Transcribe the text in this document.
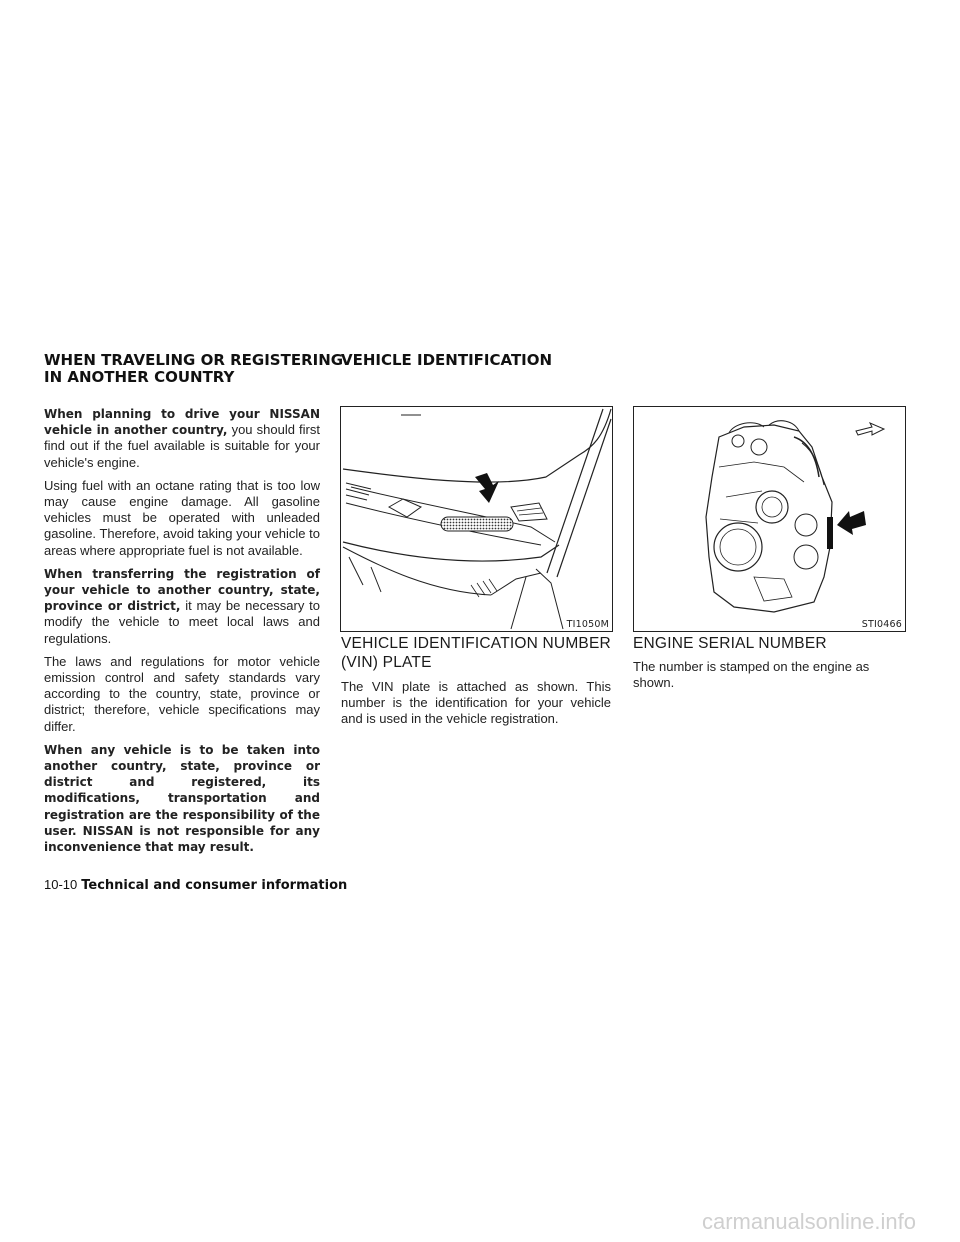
WHEN TRAVELING OR REGISTERING
IN ANOTHER COUNTRY

When planning to drive your NISSAN vehicle in another country, you should first find out if the fuel available is suitable for your vehicle's engine.

Using fuel with an octane rating that is too low may cause engine damage. All gasoline vehicles must be operated with unleaded gasoline. Therefore, avoid taking your vehicle to areas where appropriate fuel is not available.

When transferring the registration of your vehicle to another country, state, province or district, it may be necessary to modify the vehicle to meet local laws and regulations.

The laws and regulations for motor vehicle emission control and safety standards vary according to the country, state, province or district; therefore, vehicle specifications may differ.

When any vehicle is to be taken into another country, state, province or district and registered, its modifications, transportation and registration are the responsibility of the user. NISSAN is not responsible for any inconvenience that may result.

VEHICLE IDENTIFICATION
TI1050M	STI0466
VEHICLE IDENTIFICATION NUMBER
(VIN) PLATE

The VIN plate is attached as shown. This number is the identification for your vehicle and is used in the vehicle registration.

ENGINE SERIAL NUMBER

The number is stamped on the engine as shown.

10-10 Technical and consumer information
carmanualsonline.info
